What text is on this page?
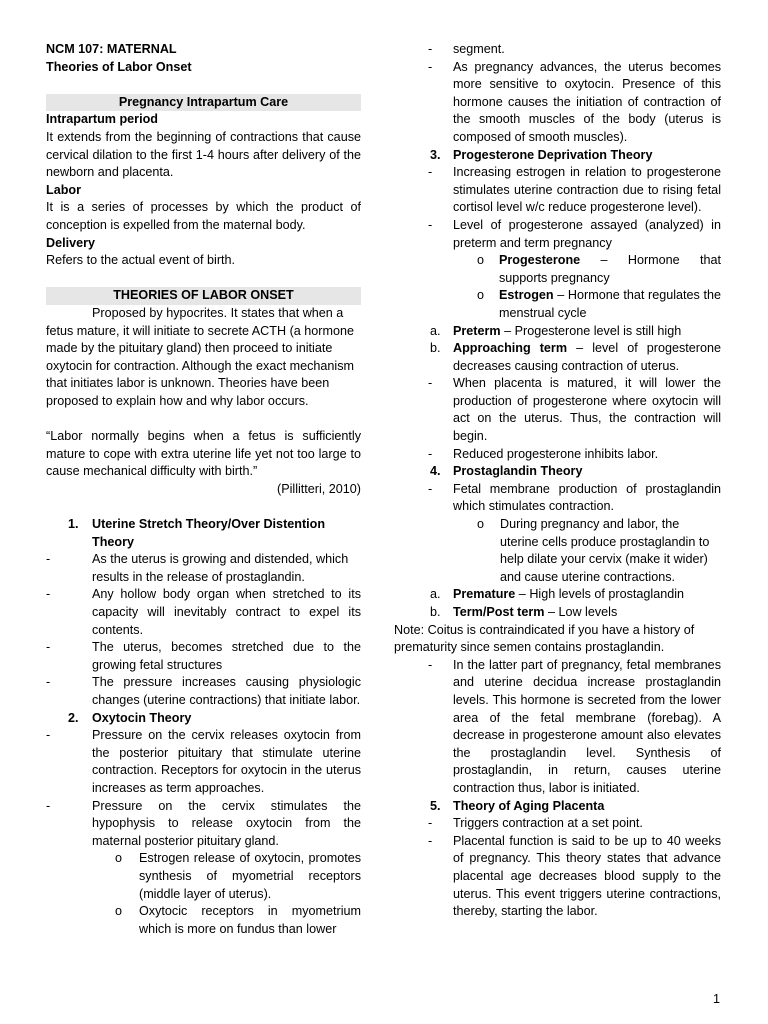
NCM 107: MATERNAL

Theories of Labor Onset

Pregnancy Intrapartum Care

Intrapartum period

It extends from the beginning of contractions that cause cervical dilation to the first 1-4 hours after delivery of the newborn and placenta.

Labor

It is a series of processes by which the product of conception is expelled from the maternal body.

Delivery

Refers to the actual event of birth.

THEORIES OF LABOR ONSET

Proposed by hypocrites. It states that when a

fetus mature, it will initiate to secrete ACTH (a hormone made by the pituitary gland) then proceed to initiate oxytocin for contraction. Although the exact mechanism that initiates labor is unknown. Theories have been proposed to explain how and why labor occurs.

“Labor normally begins when a fetus is sufficiently mature to cope with extra uterine life yet not too large to cause mechanical difficulty with birth.”

(Pillitteri, 2010)

1. Uterine Stretch Theory/Over Distention Theory
-	As the uterus is growing and distended, which results in the release of prostaglandin.
-	Any hollow body organ when stretched to its capacity will inevitably contract to expel its contents.
-	The uterus, becomes stretched due to the growing fetal structures
-	The pressure increases causing physiologic changes (uterine contractions) that initiate labor.
2. Oxytocin Theory
-	Pressure on the cervix releases oxytocin from the posterior pituitary that stimulate uterine contraction. Receptors for oxytocin in the uterus increases as term approaches.
-	Pressure on the cervix stimulates the hypophysis to release oxytocin from the maternal posterior pituitary gland.
o Estrogen release of oxytocin, promotes synthesis of myometrial receptors (middle layer of uterus).
o Oxytocic receptors in myometrium which is more on fundus than lower
- segment.
- As pregnancy advances, the uterus becomes more sensitive to oxytocin. Presence of this hormone causes the initiation of contraction of the smooth muscles of the body (uterus is composed of smooth muscles).
3. Progesterone Deprivation Theory
- Increasing estrogen in relation to progesterone stimulates uterine contraction due to rising fetal cortisol level w/c reduce progesterone level).
- Level of progesterone assayed (analyzed) in preterm and term pregnancy
o Progesterone – Hormone that supports pregnancy
o Estrogen – Hormone that regulates the menstrual cycle
a. Preterm – Progesterone level is still high
b. Approaching term – level of progesterone decreases causing contraction of uterus.
- When placenta is matured, it will lower the production of progesterone where oxytocin will act on the uterus. Thus, the contraction will begin.
- Reduced progesterone inhibits labor.
4. Prostaglandin Theory
- Fetal membrane production of prostaglandin which stimulates contraction.
o During pregnancy and labor, the uterine cells produce prostaglandin to help dilate your cervix (make it wider) and cause uterine contractions.
a. Premature – High levels of prostaglandin
b. Term/Post term – Low levels

Note: Coitus is contraindicated if you have a history of prematurity since semen contains prostaglandin.

- In the latter part of pregnancy, fetal membranes and uterine decidua increase prostaglandin levels. This hormone is secreted from the lower area of the fetal membrane (forebag). A decrease in progesterone amount also elevates the prostaglandin level. Synthesis of prostaglandin, in return, causes uterine contraction thus, labor is initiated.
5. Theory of Aging Placenta
- Triggers contraction at a set point.
- Placental function is said to be up to 40 weeks of pregnancy. This theory states that advance placental age decreases blood supply to the uterus. This event triggers uterine contractions, thereby, starting the labor.
1
